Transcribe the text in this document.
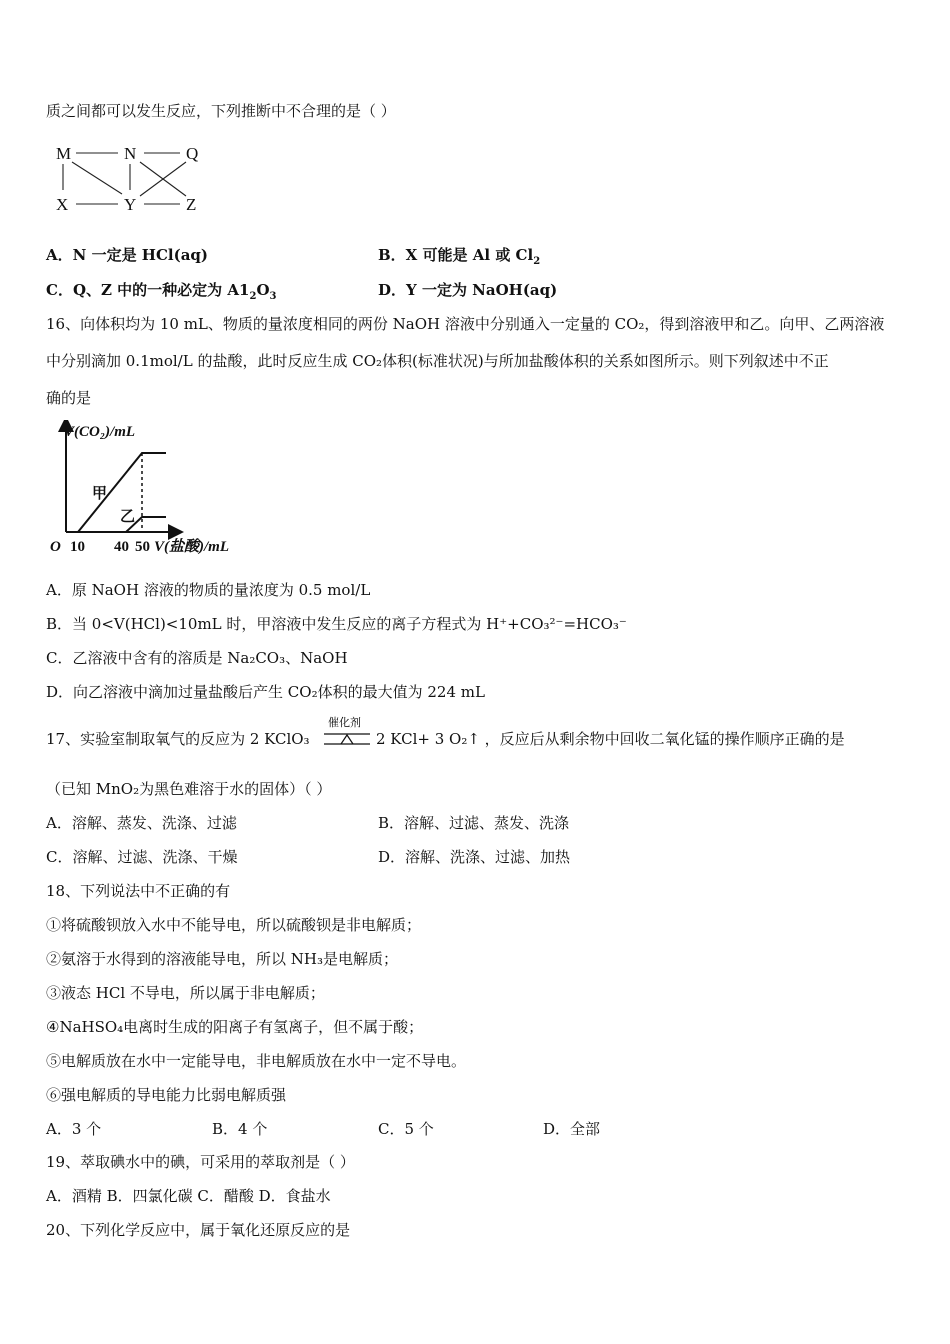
质之间都可以发生反应，下列推断中不合理的是（ ）
M	N	Q
X	Y	Z
A．N 一定是 HCl(aq)	B．X 可能是 Al 或 $Cl_2$
C．Q、Z 中的一种必定为 $A1_2O_3$	D．Y 一定为 NaOH(aq)
16、向体积均为 10 mL、物质的量浓度相同的两份 NaOH 溶液中分别通入一定量的 CO₂，得到溶液甲和乙。向甲、乙两溶液
中分别滴加 0.1mol/L 的盐酸，此时反应生成 CO₂体积(标准状况)与所加盐酸体积的关系如图所示。则下列叙述中不正
确的是
V(CO₂)/mL
O 10 40 50 V(盐酸)/mL
甲
乙
A．原 NaOH 溶液的物质的量浓度为 0.5 mol/L
B．当 0<V(HCl)<10mL 时，甲溶液中发生反应的离子方程式为 H⁺+CO₃²⁻=HCO₃⁻
C．乙溶液中含有的溶质是 Na₂CO₃、NaOH
D．向乙溶液中滴加过量盐酸后产生 CO₂体积的最大值为 224 mL
17、实验室制取氧气的反应为 2 KClO₃
催化剂
2 KCl+ 3 O₂↑ ，反应后从剩余物中回收二氧化锰的操作顺序正确的是
（已知 MnO₂为黑色难溶于水的固体）（ ）
A．溶解、蒸发、洗涤、过滤	B．溶解、过滤、蒸发、洗涤
C．溶解、过滤、洗涤、干燥	D．溶解、洗涤、过滤、加热
18、下列说法中不正确的有
①将硫酸钡放入水中不能导电，所以硫酸钡是非电解质；
②氨溶于水得到的溶液能导电，所以 NH₃是电解质；
③液态 HCl 不导电，所以属于非电解质；
④NaHSO₄电离时生成的阳离子有氢离子，但不属于酸；
⑤电解质放在水中一定能导电，非电解质放在水中一定不导电。
⑥强电解质的导电能力比弱电解质强
A．3 个	B．4 个	C．5 个	D．全部
19、萃取碘水中的碘，可采用的萃取剂是（ ）
A．酒精 B．四氯化碳 C．醋酸 D．食盐水
20、下列化学反应中，属于氧化还原反应的是
